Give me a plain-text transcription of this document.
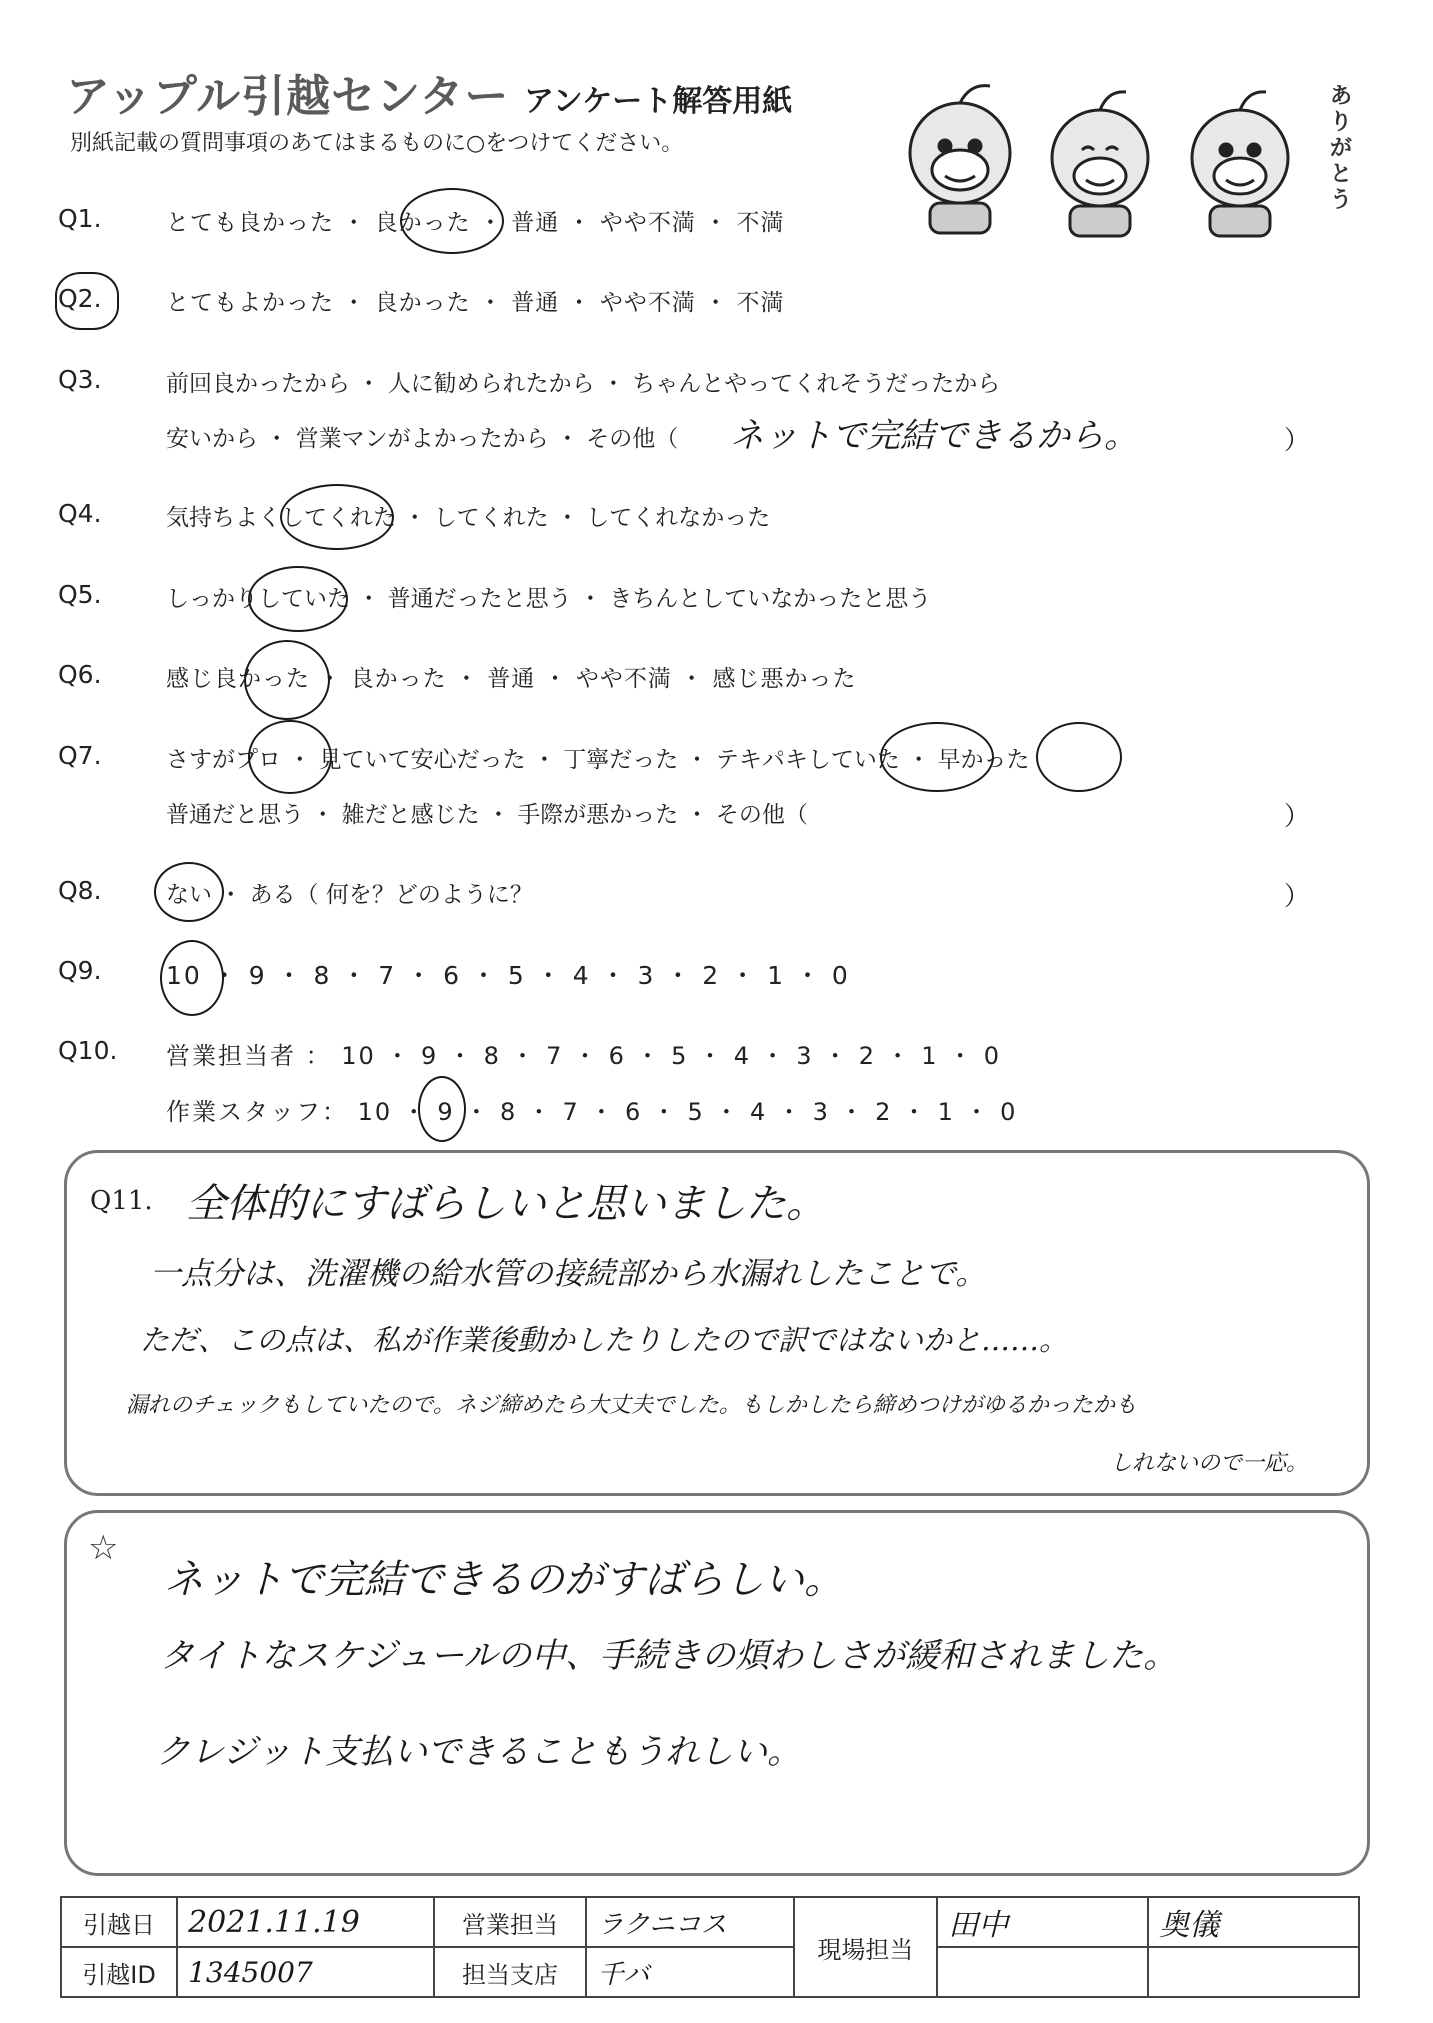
アップル引越センター アンケート解答用紙
別紙記載の質問事項のあてはまるものに○をつけてください。
ありがとう
Q1.	とても良かった ・ 良かった ・ 普通 ・ やや不満 ・ 不満
Q2.	とてもよかった ・ 良かった ・ 普通 ・ やや不満 ・ 不満
Q3.	前回良かったから ・ 人に勧められたから ・ ちゃんとやってくれそうだったから
安いから ・ 営業マンがよかったから ・ その他（ ネットで完結できるから。	）
Q4.	気持ちよくしてくれた ・ してくれた ・ してくれなかった
Q5.	しっかりしていた ・ 普通だったと思う ・ きちんとしていなかったと思う
Q6.	感じ良かった ・ 良かった ・ 普通 ・ やや不満 ・ 感じ悪かった
Q7.	さすがプロ ・ 見ていて安心だった ・ 丁寧だった ・ テキパキしていた ・ 早かった
普通だと思う ・ 雑だと感じた ・ 手際が悪かった ・ その他（	）
Q8.	ない ・ ある（ 何を？どのように？	）
Q9.	10 ・ 9 ・ 8 ・ 7 ・ 6 ・ 5 ・ 4 ・ 3 ・ 2 ・ 1 ・ 0
Q10. 営業担当者 ： 10 ・ 9 ・ 8 ・ 7 ・ 6 ・ 5 ・ 4 ・ 3 ・ 2 ・ 1 ・ 0
作業スタッフ： 10 ・ 9 ・ 8 ・ 7 ・ 6 ・ 5 ・ 4 ・ 3 ・ 2 ・ 1 ・ 0
Q11. 全体的にすばらしいと思いました。
一点分は、洗濯機の給水管の接続部から水漏れしたことで。
ただ、この点は、私が作業後動かしたりしたので訳ではないかと……。
漏れのチェックもしていたので。ネジ締めたら大丈夫でした。もしかしたら締めつけがゆるかったかも
しれないので一応。
☆
ネットで完結できるのがすばらしい。
タイトなスケジュールの中、手続きの煩わしさが緩和されました。
クレジット支払いできることもうれしい。
引越日	2021.11.19	営業担当	ラクニコス	現場担当	田中	奥儀
引越ID	1345007	担当支店	千バ			
